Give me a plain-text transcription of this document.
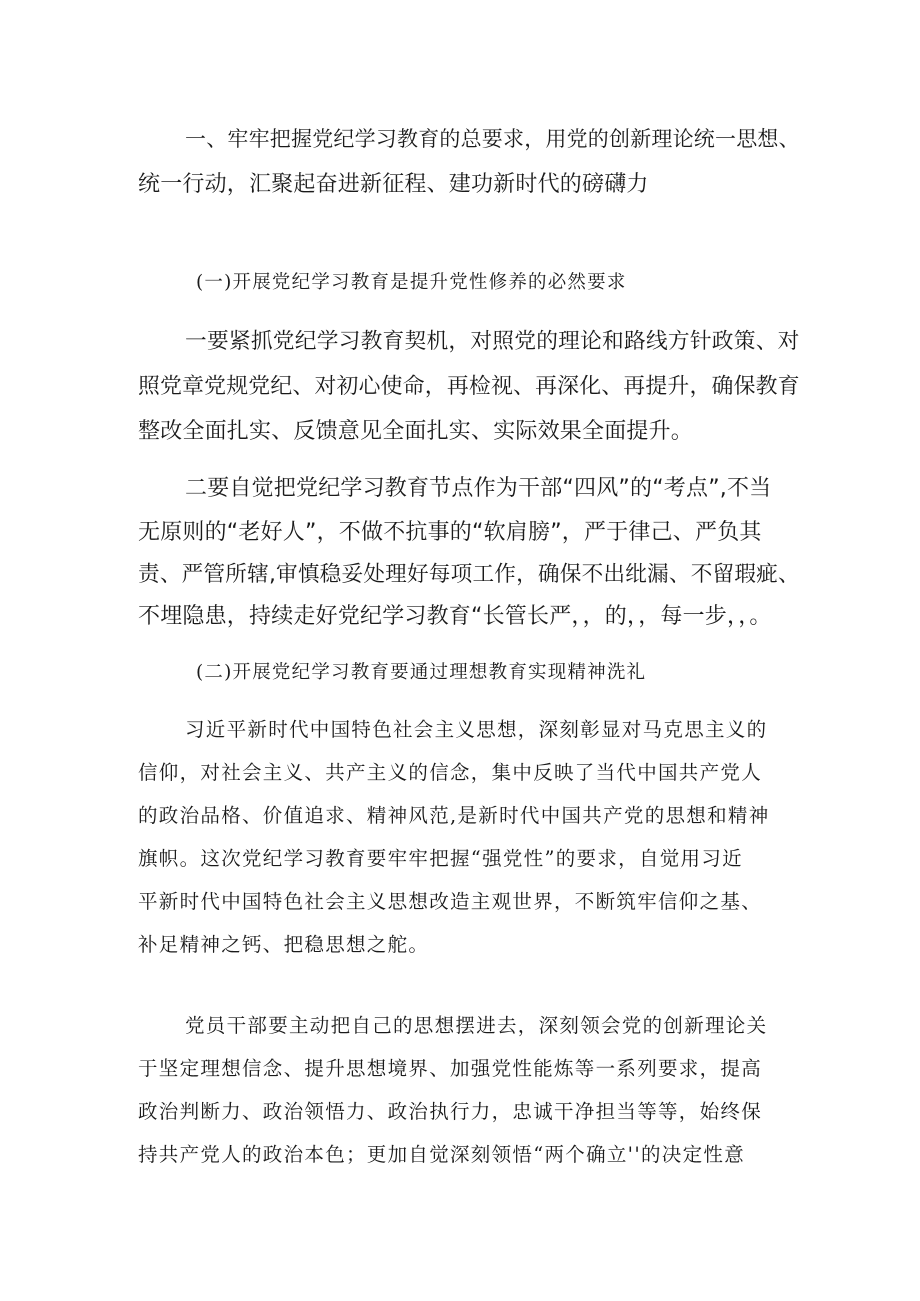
一、牢牢把握党纪学习教育的总要求，用党的创新理论统一思想、
统一行动，汇聚起奋进新征程、建功新时代的磅礴力
(一)开展党纪学习教育是提升党性修养的必然要求
一要紧抓党纪学习教育契机，对照党的理论和路线方针政策、对
照党章党规党纪、对初心使命，再检视、再深化、再提升，确保教育
整改全面扎实、反馈意见全面扎实、实际效果全面提升。
二要自觉把党纪学习教育节点作为干部“四风”的“考点”,不当
无原则的“老好人”，不做不抗事的“软肩膀”，严于律己、严负其
责、严管所辖,审慎稳妥处理好每项工作，确保不出纰漏、不留瑕疵、
不埋隐患，持续走好党纪学习教育“长管长严，，的，，每一步，，。
(二)开展党纪学习教育要通过理想教育实现精神洗礼
习近平新时代中国特色社会主义思想，深刻彰显对马克思主义的
信仰，对社会主义、共产主义的信念，集中反映了当代中国共产党人
的政治品格、价值追求、精神风范,是新时代中国共产党的思想和精神
旗帜。这次党纪学习教育要牢牢把握“强党性”的要求，自觉用习近
平新时代中国特色社会主义思想改造主观世界，不断筑牢信仰之基、
补足精神之钙、把稳思想之舵。
党员干部要主动把自己的思想摆进去，深刻领会党的创新理论关
于坚定理想信念、提升思想境界、加强党性能炼等一系列要求，提高
政治判断力、政治领悟力、政治执行力，忠诚干净担当等等，始终保
持共产党人的政治本色；更加自觉深刻领悟“两个确立''的决定性意
